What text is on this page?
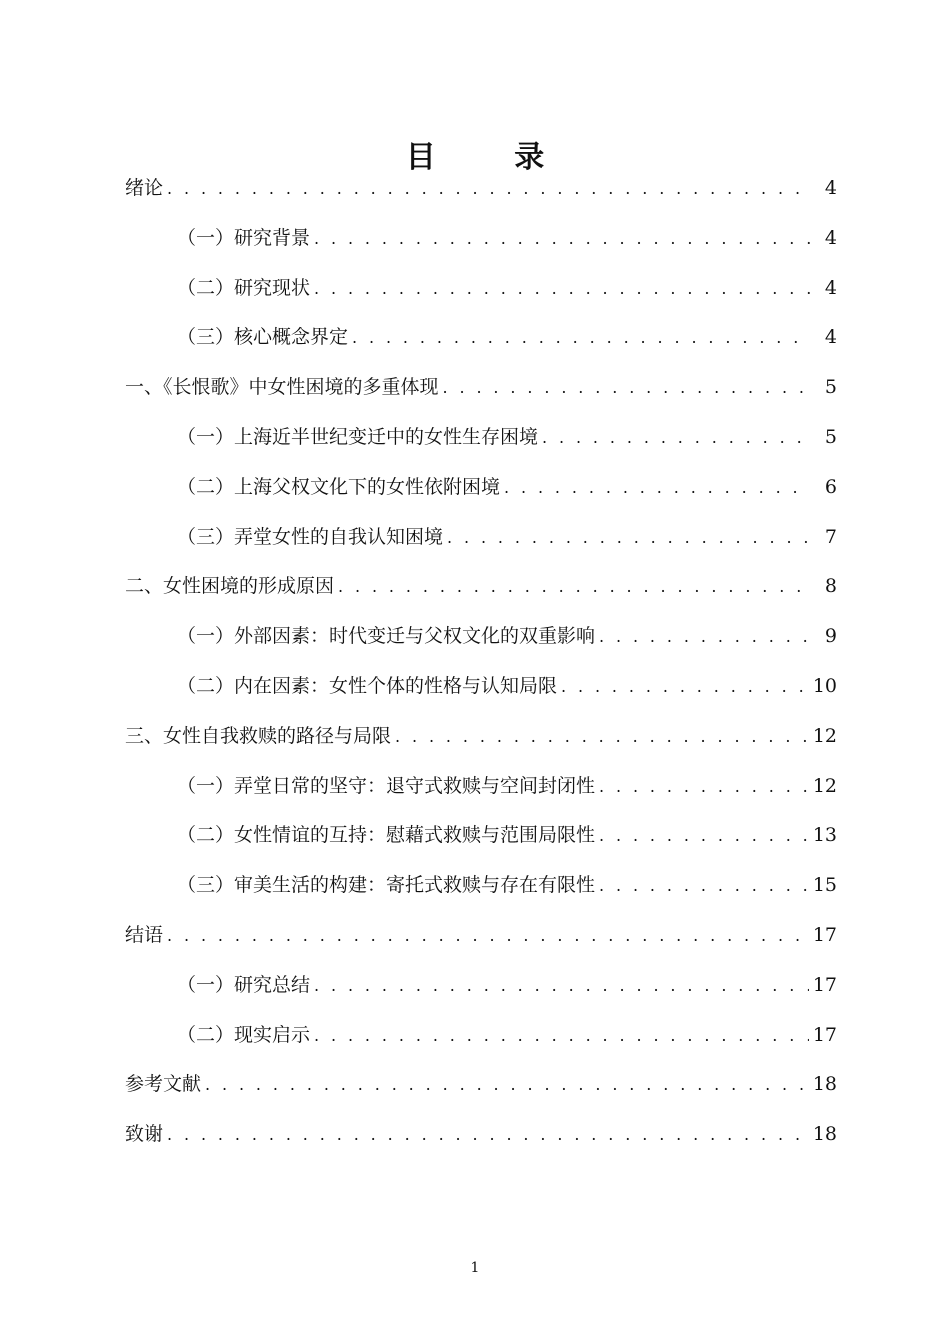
目 录
绪论 . . .	4
（一）研究背景 . . .	4
（二）研究现状 . . .	4
（三）核心概念界定 . . .	4
一、《长恨歌》中女性困境的多重体现 . . .	5
（一）上海近半世纪变迁中的女性生存困境 . . .	5
（二）上海父权文化下的女性依附困境 . . .	6
（三）弄堂女性的自我认知困境 . . .	7
二、女性困境的形成原因 . . .	8
（一）外部因素：时代变迁与父权文化的双重影响 . . .	9
（二）内在因素：女性个体的性格与认知局限 . . .	10
三、女性自我救赎的路径与局限 . . .	12
（一）弄堂日常的坚守：退守式救赎与空间封闭性 . . .	12
（二）女性情谊的互持：慰藉式救赎与范围局限性 . . .	13
（三）审美生活的构建：寄托式救赎与存在有限性 . . .	15
结语 . . .	17
（一）研究总结 . . .	17
（二）现实启示 . . .	17
参考文献 . . .	18
致谢 . . .	18
1
